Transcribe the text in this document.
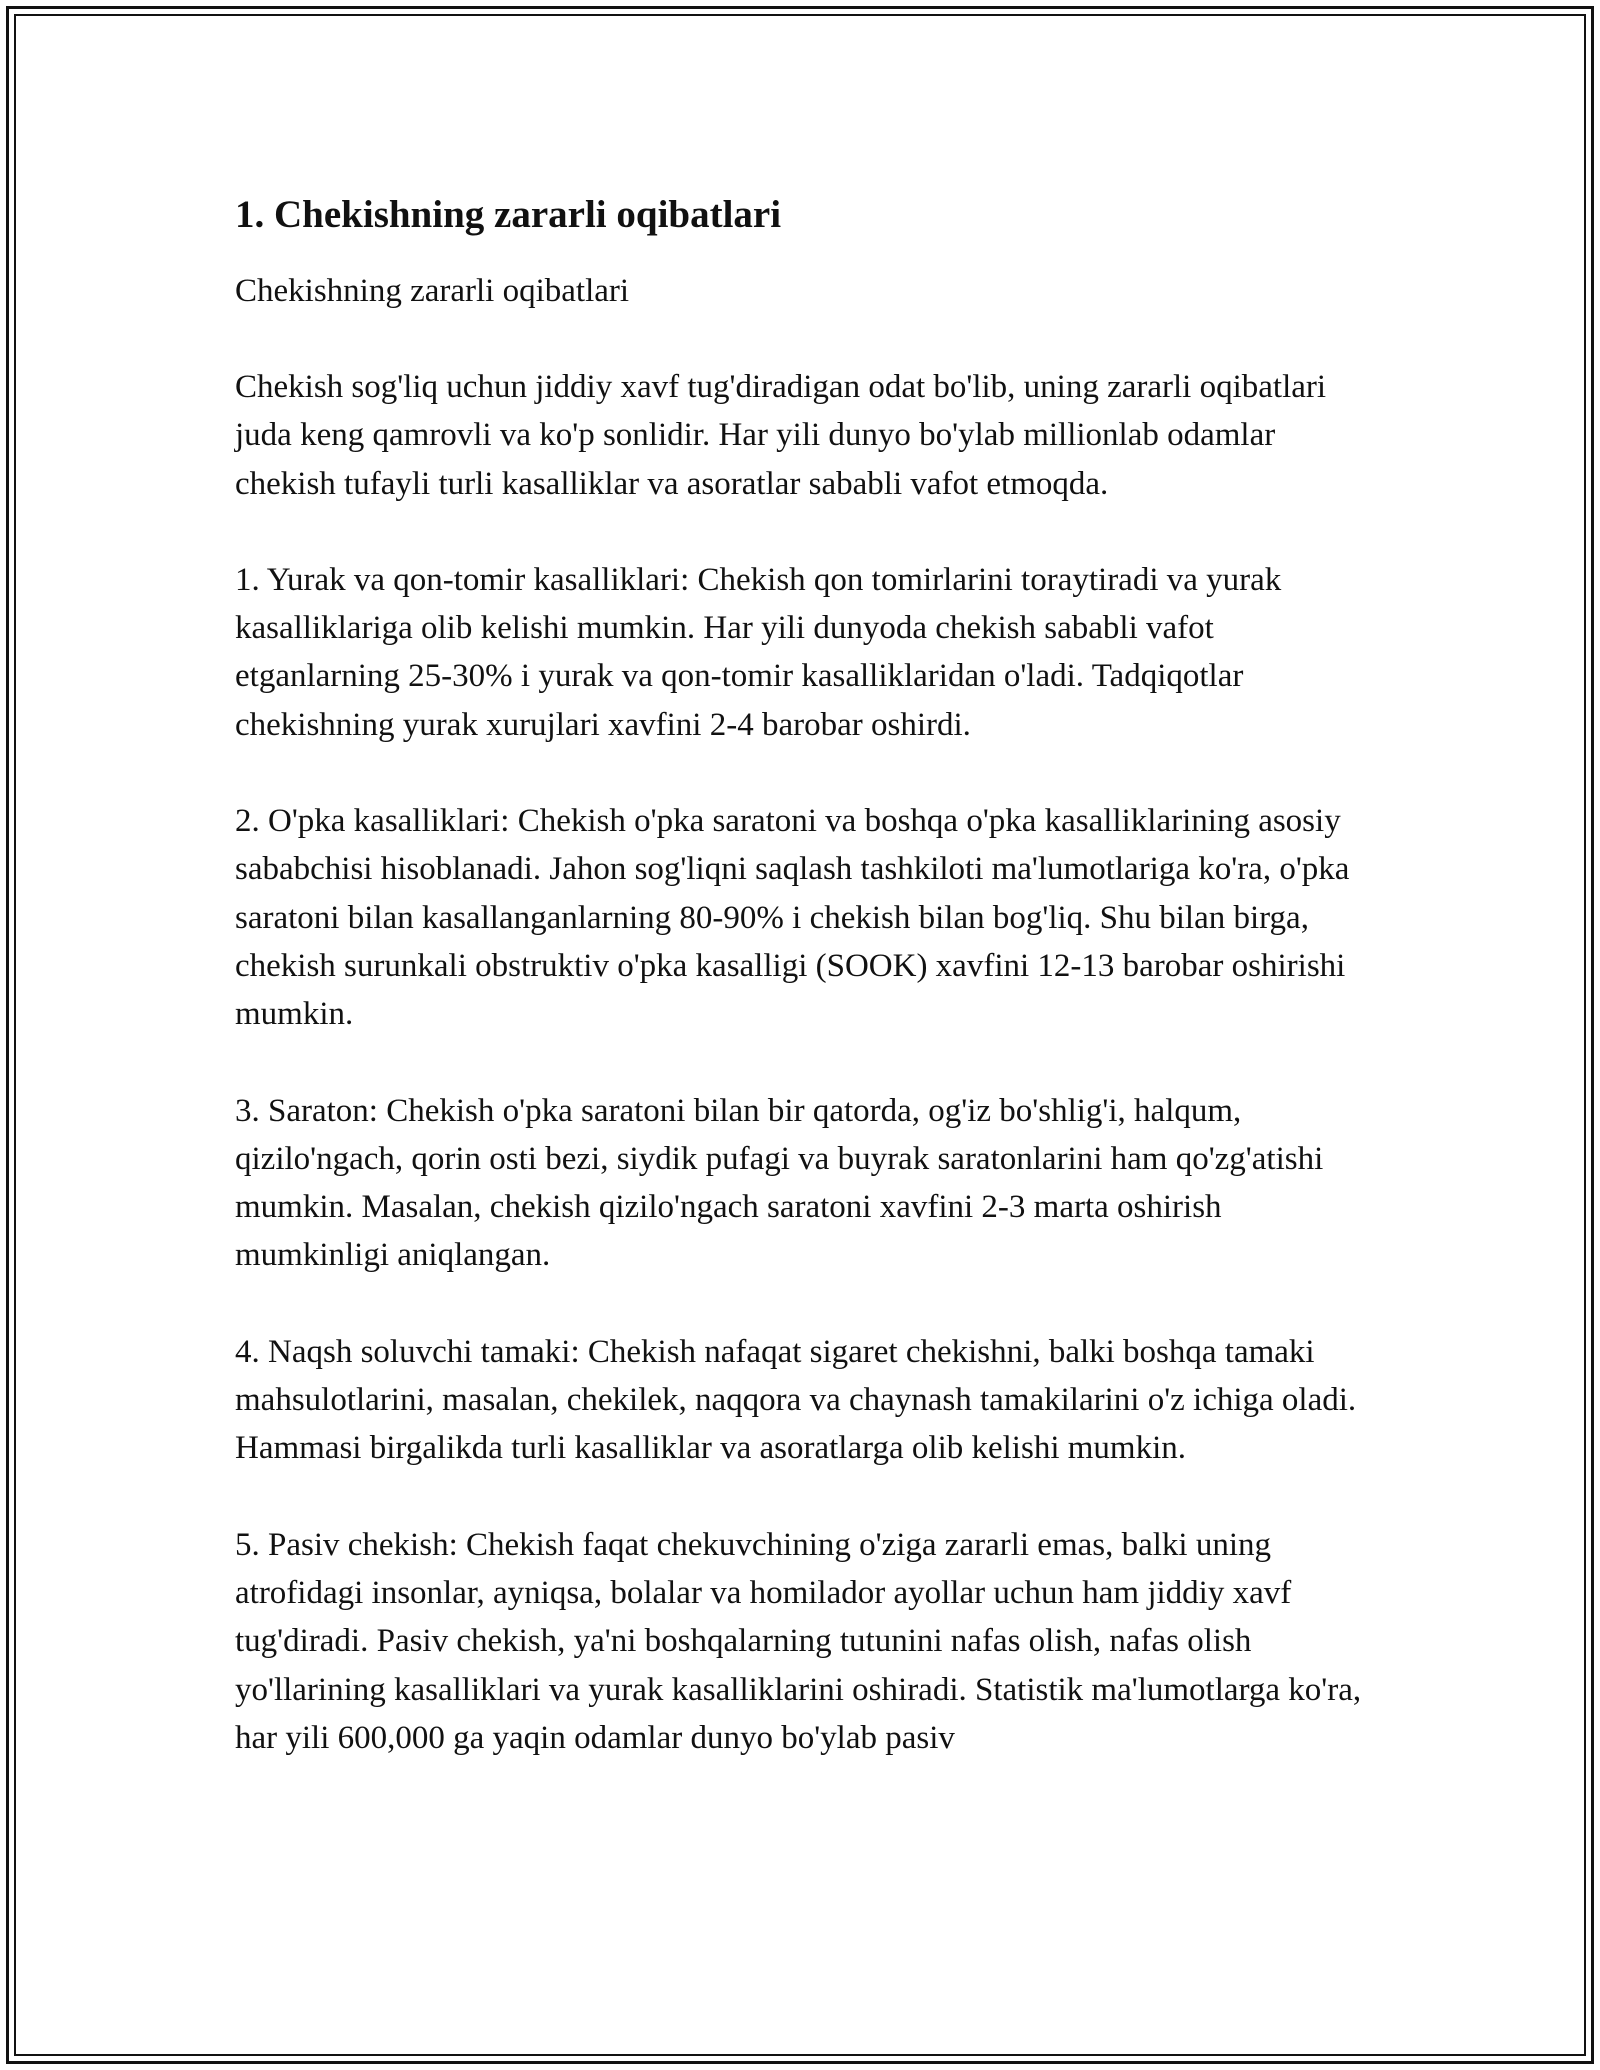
1. Chekishning zararli oqibatlari
Chekishning zararli oqibatlari

Chekish sog'liq uchun jiddiy xavf tug'diradigan odat bo'lib, uning zararli oqibatlari juda keng qamrovli va ko'p sonlidir. Har yili dunyo bo'ylab millionlab odamlar chekish tufayli turli kasalliklar va asoratlar sababli vafot etmoqda.

1. Yurak va qon-tomir kasalliklari: Chekish qon tomirlarini toraytiradi va yurak kasalliklariga olib kelishi mumkin. Har yili dunyoda chekish sababli vafot etganlarning 25-30% i yurak va qon-tomir kasalliklaridan o'ladi. Tadqiqotlar chekishning yurak xurujlari xavfini 2-4 barobar oshirdi.

2. O'pka kasalliklari: Chekish o'pka saratoni va boshqa o'pka kasalliklarining asosiy sababchisi hisoblanadi. Jahon sog'liqni saqlash tashkiloti ma'lumotlariga ko'ra, o'pka saratoni bilan kasallanganlarning 80-90% i chekish bilan bog'liq. Shu bilan birga, chekish surunkali obstruktiv o'pka kasalligi (SOOK) xavfini 12-13 barobar oshirishi mumkin.

3. Saraton: Chekish o'pka saratoni bilan bir qatorda, og'iz bo'shlig'i, halqum, qizilo'ngach, qorin osti bezi, siydik pufagi va buyrak saratonlarini ham qo'zg'atishi mumkin. Masalan, chekish qizilo'ngach saratoni xavfini 2-3 marta oshirish mumkinligi aniqlangan.

4. Naqsh soluvchi tamaki: Chekish nafaqat sigaret chekishni, balki boshqa tamaki mahsulotlarini, masalan, chekilek, naqqora va chaynash tamakilarini o'z ichiga oladi. Hammasi birgalikda turli kasalliklar va asoratlarga olib kelishi mumkin.

5. Pasiv chekish: Chekish faqat chekuvchining o'ziga zararli emas, balki uning atrofidagi insonlar, ayniqsa, bolalar va homilador ayollar uchun ham jiddiy xavf tug'diradi. Pasiv chekish, ya'ni boshqalarning tutunini nafas olish, nafas olish yo'llarining kasalliklari va yurak kasalliklarini oshiradi. Statistik ma'lumotlarga ko'ra, har yili 600,000 ga yaqin odamlar dunyo bo'ylab pasiv
